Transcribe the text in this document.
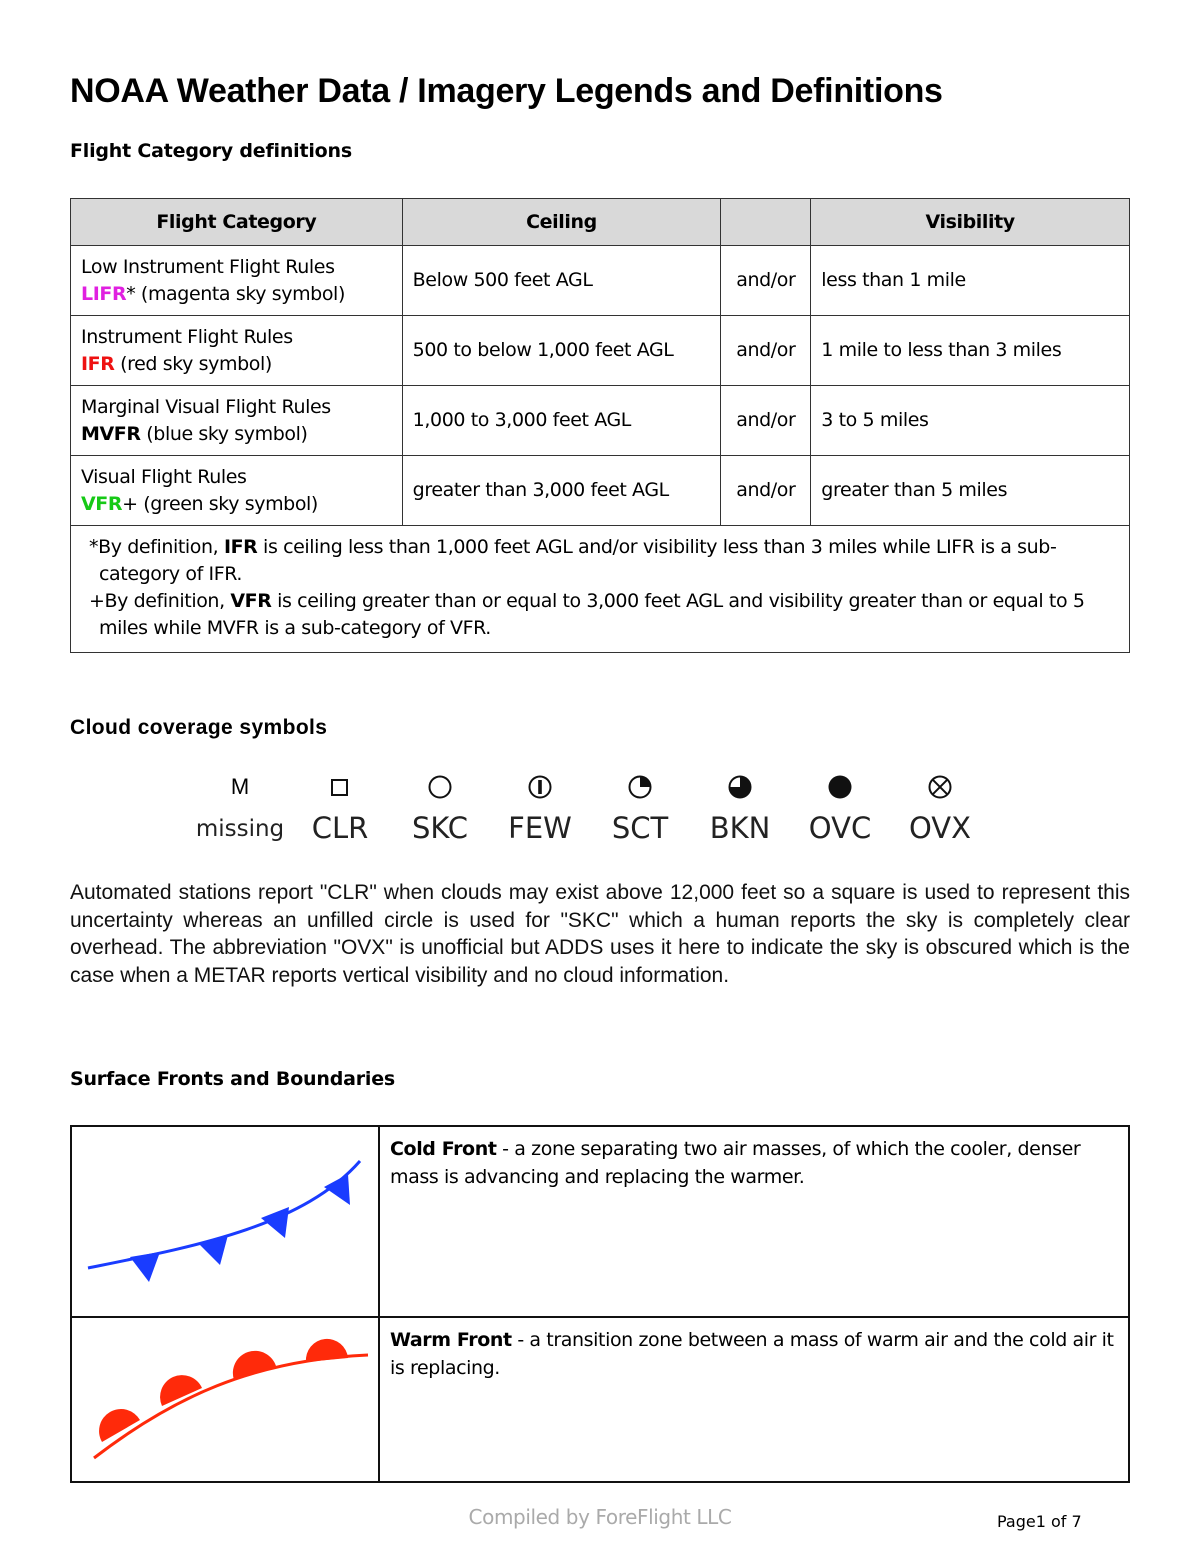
NOAA Weather Data / Imagery Legends and Definitions
Flight Category definitions
Flight Category	Ceiling		Visibility

Low Instrument Flight Rules
LIFR* (magenta sky symbol)	Below 500 feet AGL	and/or	less than 1 mile

Instrument Flight Rules
IFR (red sky symbol)	500 to below 1,000 feet AGL	and/or	1 mile to less than 3 miles

Marginal Visual Flight Rules
MVFR (blue sky symbol)	1,000 to 3,000 feet AGL	and/or	3 to 5 miles

Visual Flight Rules
VFR+ (green sky symbol)	greater than 3,000 feet AGL	and/or	greater than 5 miles

*By definition, IFR is ceiling less than 1,000 feet AGL and/or visibility less than 3 miles while LIFR is a sub-category of IFR.
+By definition, VFR is ceiling greater than or equal to 3,000 feet AGL and visibility greater than or equal to 5 miles while MVFR is a sub-category of VFR.			
Cloud coverage symbols
M
missing CLR	SKC	FEW	SCT	BKN	OVC	OVX
Automated stations report "CLR" when clouds may exist above 12,000 feet so a square is used to represent this uncertainty whereas an unfilled circle is used for "SKC" which a human reports the sky is completely clear overhead. The abbreviation "OVX" is unofficial but ADDS uses it here to indicate the sky is obscured which is the case when a METAR reports vertical visibility and no cloud information.
Surface Fronts and Boundaries
	Cold Front - a zone separating two air masses, of which the cooler, denser mass is advancing and replacing the warmer.
	Warm Front - a transition zone between a mass of warm air and the cold air it is replacing.
Compiled by ForeFlight LLC	Page1 of 7
